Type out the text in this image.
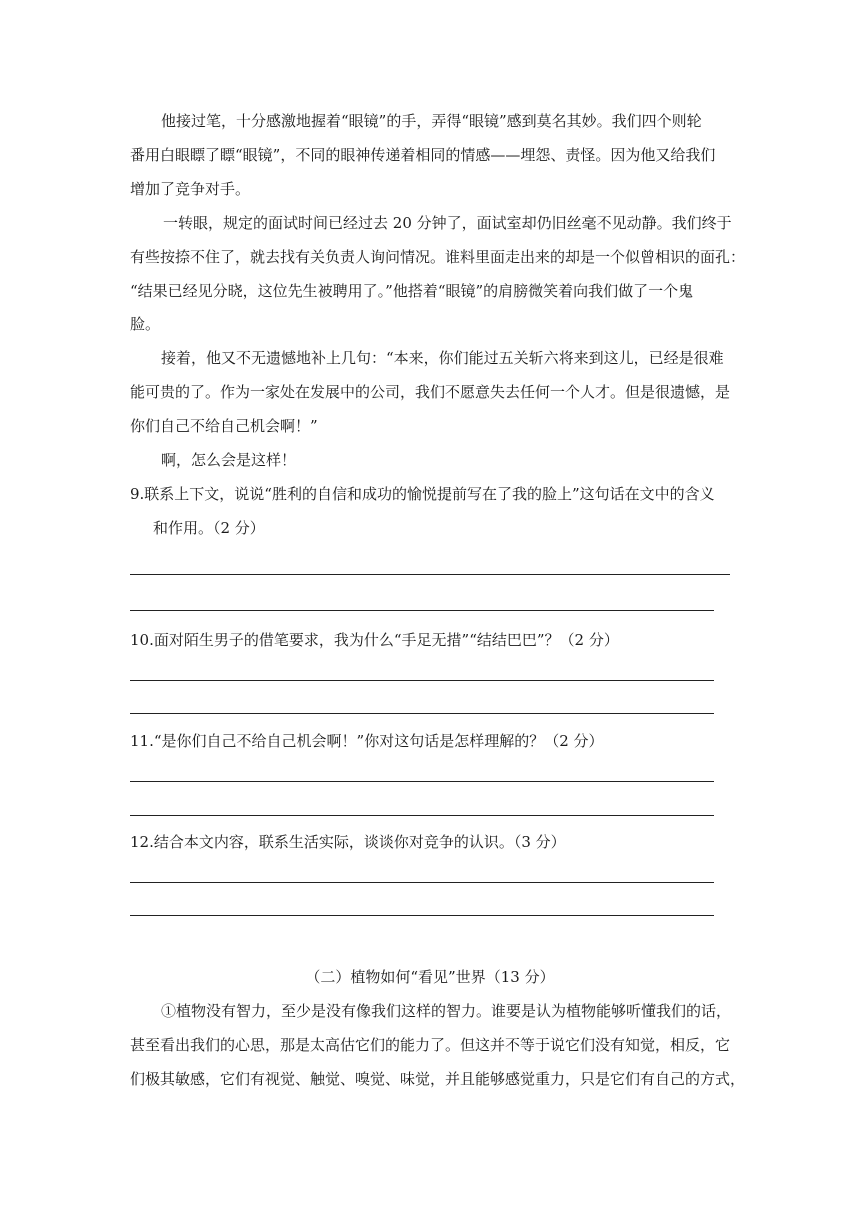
他接过笔，十分感激地握着“眼镜”的手，弄得“眼镜”感到莫名其妙。我们四个则轮
番用白眼瞟了瞟“眼镜”，不同的眼神传递着相同的情感——埋怨、责怪。因为他又给我们
增加了竞争对手。
一转眼，规定的面试时间已经过去 20 分钟了，面试室却仍旧丝毫不见动静。我们终于
有些按捺不住了，就去找有关负责人询问情况。谁料里面走出来的却是一个似曾相识的面孔：
“结果已经见分晓，这位先生被聘用了。”他搭着“眼镜”的肩膀微笑着向我们做了一个鬼
脸。
接着，他又不无遗憾地补上几句：“本来，你们能过五关斩六将来到这儿，已经是很难
能可贵的了。作为一家处在发展中的公司，我们不愿意失去任何一个人才。但是很遗憾，是
你们自己不给自己机会啊！”
啊，怎么会是这样！
9.联系上下文，说说“胜利的自信和成功的愉悦提前写在了我的脸上”这句话在文中的含义
和作用。（2 分）
10.面对陌生男子的借笔要求，我为什么“手足无措”“结结巴巴”？（2 分）
11.“是你们自己不给自己机会啊！”你对这句话是怎样理解的？（2 分）
12.结合本文内容，联系生活实际，谈谈你对竞争的认识。（3 分）
（二）植物如何“看见”世界（13 分）
①植物没有智力，至少是没有像我们这样的智力。谁要是认为植物能够听懂我们的话，
甚至看出我们的心思，那是太高估它们的能力了。但这并不等于说它们没有知觉，相反，它
们极其敏感，它们有视觉、触觉、嗅觉、味觉，并且能够感觉重力，只是它们有自己的方式，
